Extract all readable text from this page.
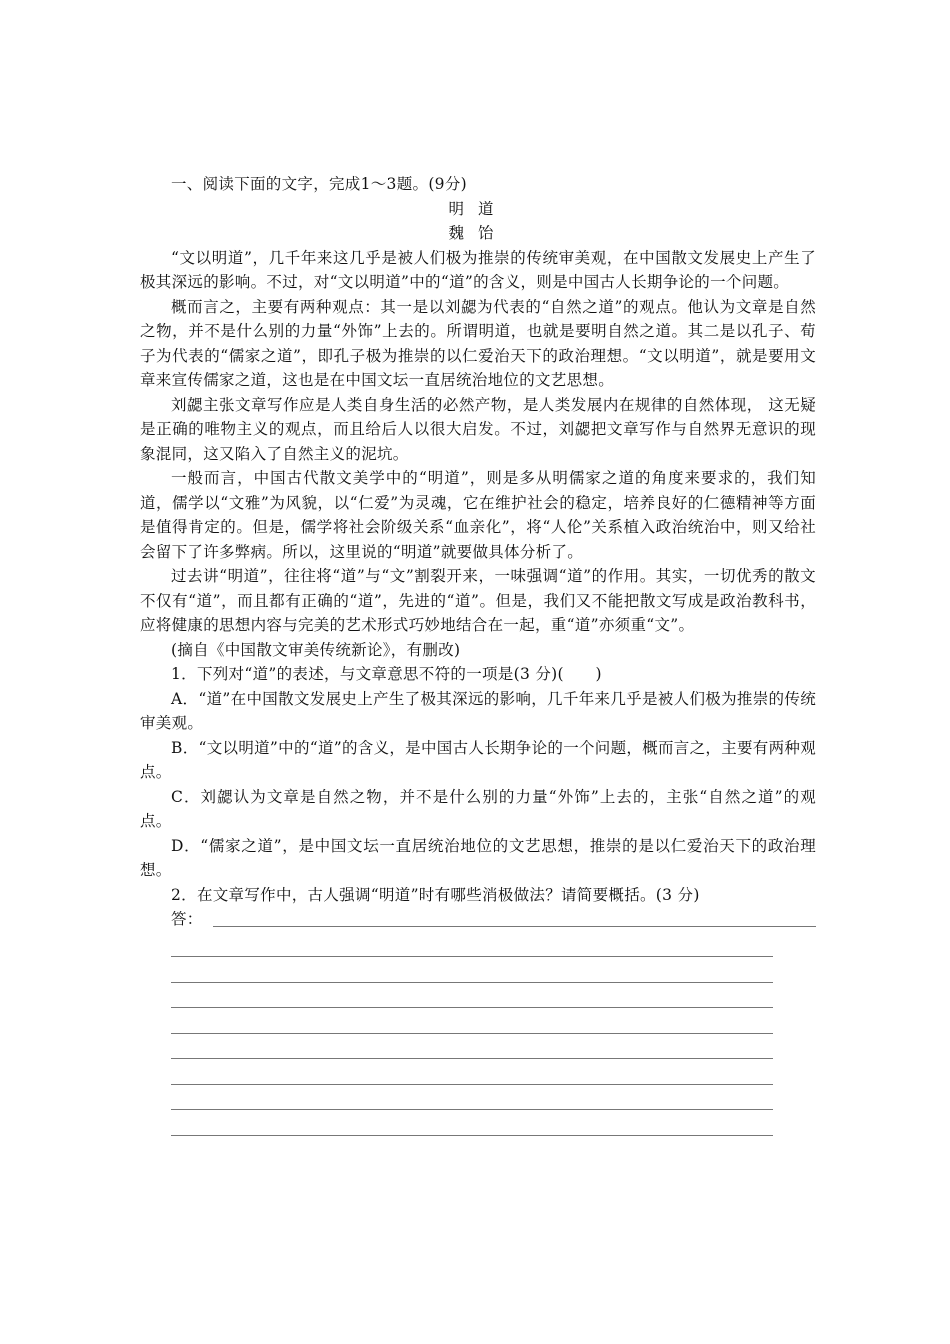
一、阅读下面的文字，完成1～3题。(9分)

明道

魏饴

“文以明道”，几千年来这几乎是被人们极为推崇的传统审美观，在中国散文发展史上产生了极其深远的影响。不过，对“文以明道”中的“道”的含义，则是中国古人长期争论的一个问题。

概而言之，主要有两种观点：其一是以刘勰为代表的“自然之道”的观点。他认为文章是自然之物，并不是什么别的力量“外饰”上去的。所谓明道，也就是要明自然之道。其二是以孔子、荀子为代表的“儒家之道”，即孔子极为推崇的以仁爱治天下的政治理想。“文以明道”，就是要用文章来宣传儒家之道，这也是在中国文坛一直居统治地位的文艺思想。

刘勰主张文章写作应是人类自身生活的必然产物，是人类发展内在规律的自然体现， 这无疑是正确的唯物主义的观点，而且给后人以很大启发。不过，刘勰把文章写作与自然界无意识的现象混同，这又陷入了自然主义的泥坑。

一般而言，中国古代散文美学中的“明道”，则是多从明儒家之道的角度来要求的，我们知道，儒学以“文雅”为风貌，以“仁爱”为灵魂，它在维护社会的稳定，培养良好的仁德精神等方面是值得肯定的。但是，儒学将社会阶级关系“血亲化”，将“人伦”关系植入政治统治中，则又给社会留下了许多弊病。所以，这里说的“明道”就要做具体分析了。

过去讲“明道”，往往将“道”与“文”割裂开来，一味强调“道”的作用。其实，一切优秀的散文不仅有“道”，而且都有正确的“道”，先进的“道”。但是，我们又不能把散文写成是政治教科书，应将健康的思想内容与完美的艺术形式巧妙地结合在一起，重“道”亦须重“文”。

(摘自《中国散文审美传统新论》，有删改)

1．下列对“道”的表述，与文章意思不符的一项是(3 分)(　　)

A．“道”在中国散文发展史上产生了极其深远的影响，几千年来几乎是被人们极为推崇的传统审美观。

B．“文以明道”中的“道”的含义，是中国古人长期争论的一个问题，概而言之，主要有两种观点。

C．刘勰认为文章是自然之物，并不是什么别的力量“外饰”上去的，主张“自然之道”的观点。

D．“儒家之道”，是中国文坛一直居统治地位的文艺思想，推崇的是以仁爱治天下的政治理想。

2．在文章写作中，古人强调“明道”时有哪些消极做法？请简要概括。(3 分)

答：
